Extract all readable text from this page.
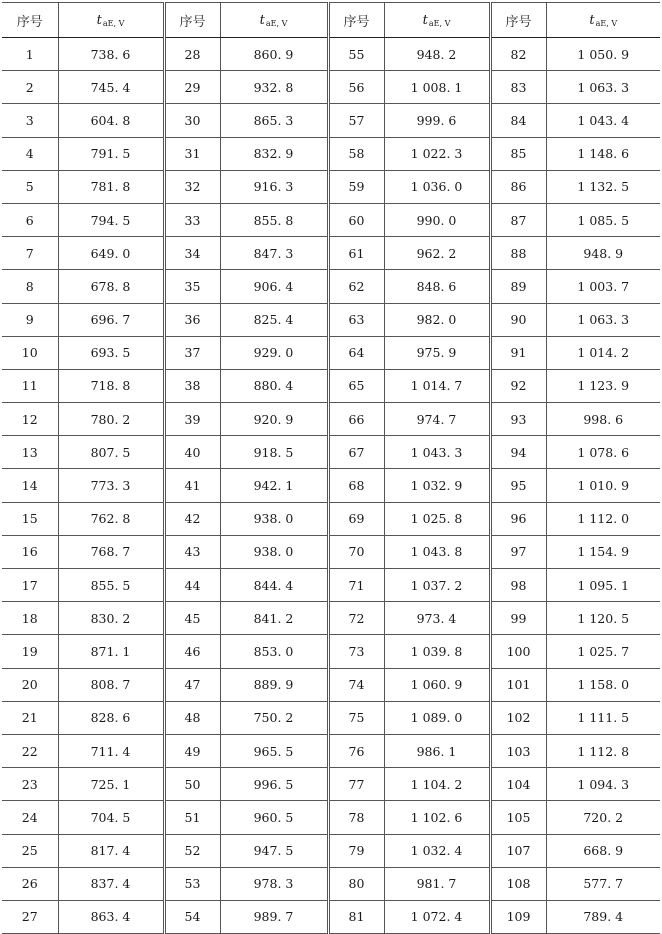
序号	$t_{aE, V}$	序号	$t_{aE, V}$	序号	$t_{aE, V}$	序号	$t_{aE, V}$
1	738. 6	28	860. 9	55	948. 2	82	1 050. 9
2	745. 4	29	932. 8	56	1 008. 1	83	1 063. 3
3	604. 8	30	865. 3	57	999. 6	84	1 043. 4
4	791. 5	31	832. 9	58	1 022. 3	85	1 148. 6
5	781. 8	32	916. 3	59	1 036. 0	86	1 132. 5
6	794. 5	33	855. 8	60	990. 0	87	1 085. 5
7	649. 0	34	847. 3	61	962. 2	88	948. 9
8	678. 8	35	906. 4	62	848. 6	89	1 003. 7
9	696. 7	36	825. 4	63	982. 0	90	1 063. 3
10	693. 5	37	929. 0	64	975. 9	91	1 014. 2
11	718. 8	38	880. 4	65	1 014. 7	92	1 123. 9
12	780. 2	39	920. 9	66	974. 7	93	998. 6
13	807. 5	40	918. 5	67	1 043. 3	94	1 078. 6
14	773. 3	41	942. 1	68	1 032. 9	95	1 010. 9
15	762. 8	42	938. 0	69	1 025. 8	96	1 112. 0
16	768. 7	43	938. 0	70	1 043. 8	97	1 154. 9
17	855. 5	44	844. 4	71	1 037. 2	98	1 095. 1
18	830. 2	45	841. 2	72	973. 4	99	1 120. 5
19	871. 1	46	853. 0	73	1 039. 8	100	1 025. 7
20	808. 7	47	889. 9	74	1 060. 9	101	1 158. 0
21	828. 6	48	750. 2	75	1 089. 0	102	1 111. 5
22	711. 4	49	965. 5	76	986. 1	103	1 112. 8
23	725. 1	50	996. 5	77	1 104. 2	104	1 094. 3
24	704. 5	51	960. 5	78	1 102. 6	105	720. 2
25	817. 4	52	947. 5	79	1 032. 4	107	668. 9
26	837. 4	53	978. 3	80	981. 7	108	577. 7
27	863. 4	54	989. 7	81	1 072. 4	109	789. 4
